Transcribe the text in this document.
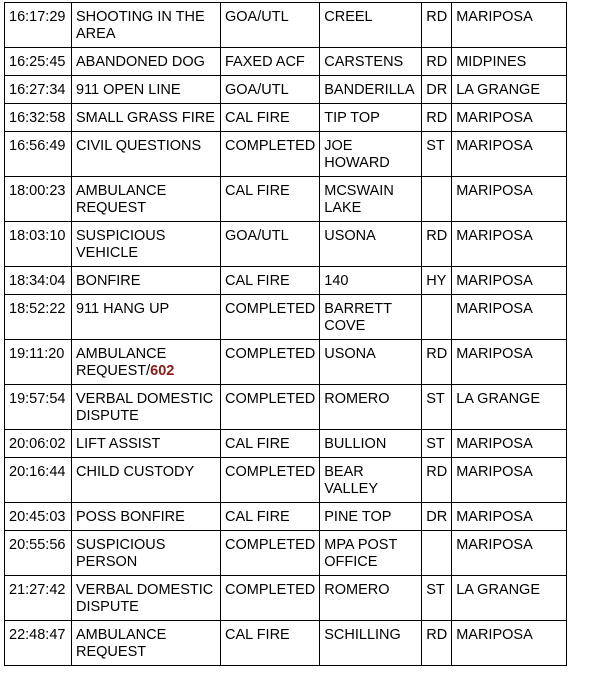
16:17:29	SHOOTING IN THE AREA	GOA/UTL	CREEL	RD	MARIPOSA
16:25:45	ABANDONED DOG	FAXED ACF	CARSTENS	RD	MIDPINES
16:27:34	911 OPEN LINE	GOA/UTL	BANDERILLA	DR	LA GRANGE
16:32:58	SMALL GRASS FIRE	CAL FIRE	TIP TOP	RD	MARIPOSA
16:56:49	CIVIL QUESTIONS	COMPLETED	JOE HOWARD	ST	MARIPOSA
18:00:23	AMBULANCE REQUEST	CAL FIRE	MCSWAIN LAKE		MARIPOSA
18:03:10	SUSPICIOUS VEHICLE	GOA/UTL	USONA	RD	MARIPOSA
18:34:04	BONFIRE	CAL FIRE	140	HY	MARIPOSA
18:52:22	911 HANG UP	COMPLETED	BARRETT COVE		MARIPOSA
19:11:20	AMBULANCE REQUEST/602	COMPLETED	USONA	RD	MARIPOSA
19:57:54	VERBAL DOMESTIC DISPUTE	COMPLETED	ROMERO	ST	LA GRANGE
20:06:02	LIFT ASSIST	CAL FIRE	BULLION	ST	MARIPOSA
20:16:44	CHILD CUSTODY	COMPLETED	BEAR VALLEY	RD	MARIPOSA
20:45:03	POSS BONFIRE	CAL FIRE	PINE TOP	DR	MARIPOSA
20:55:56	SUSPICIOUS PERSON	COMPLETED	MPA POST OFFICE		MARIPOSA
21:27:42	VERBAL DOMESTIC DISPUTE	COMPLETED	ROMERO	ST	LA GRANGE
22:48:47	AMBULANCE REQUEST	CAL FIRE	SCHILLING	RD	MARIPOSA
